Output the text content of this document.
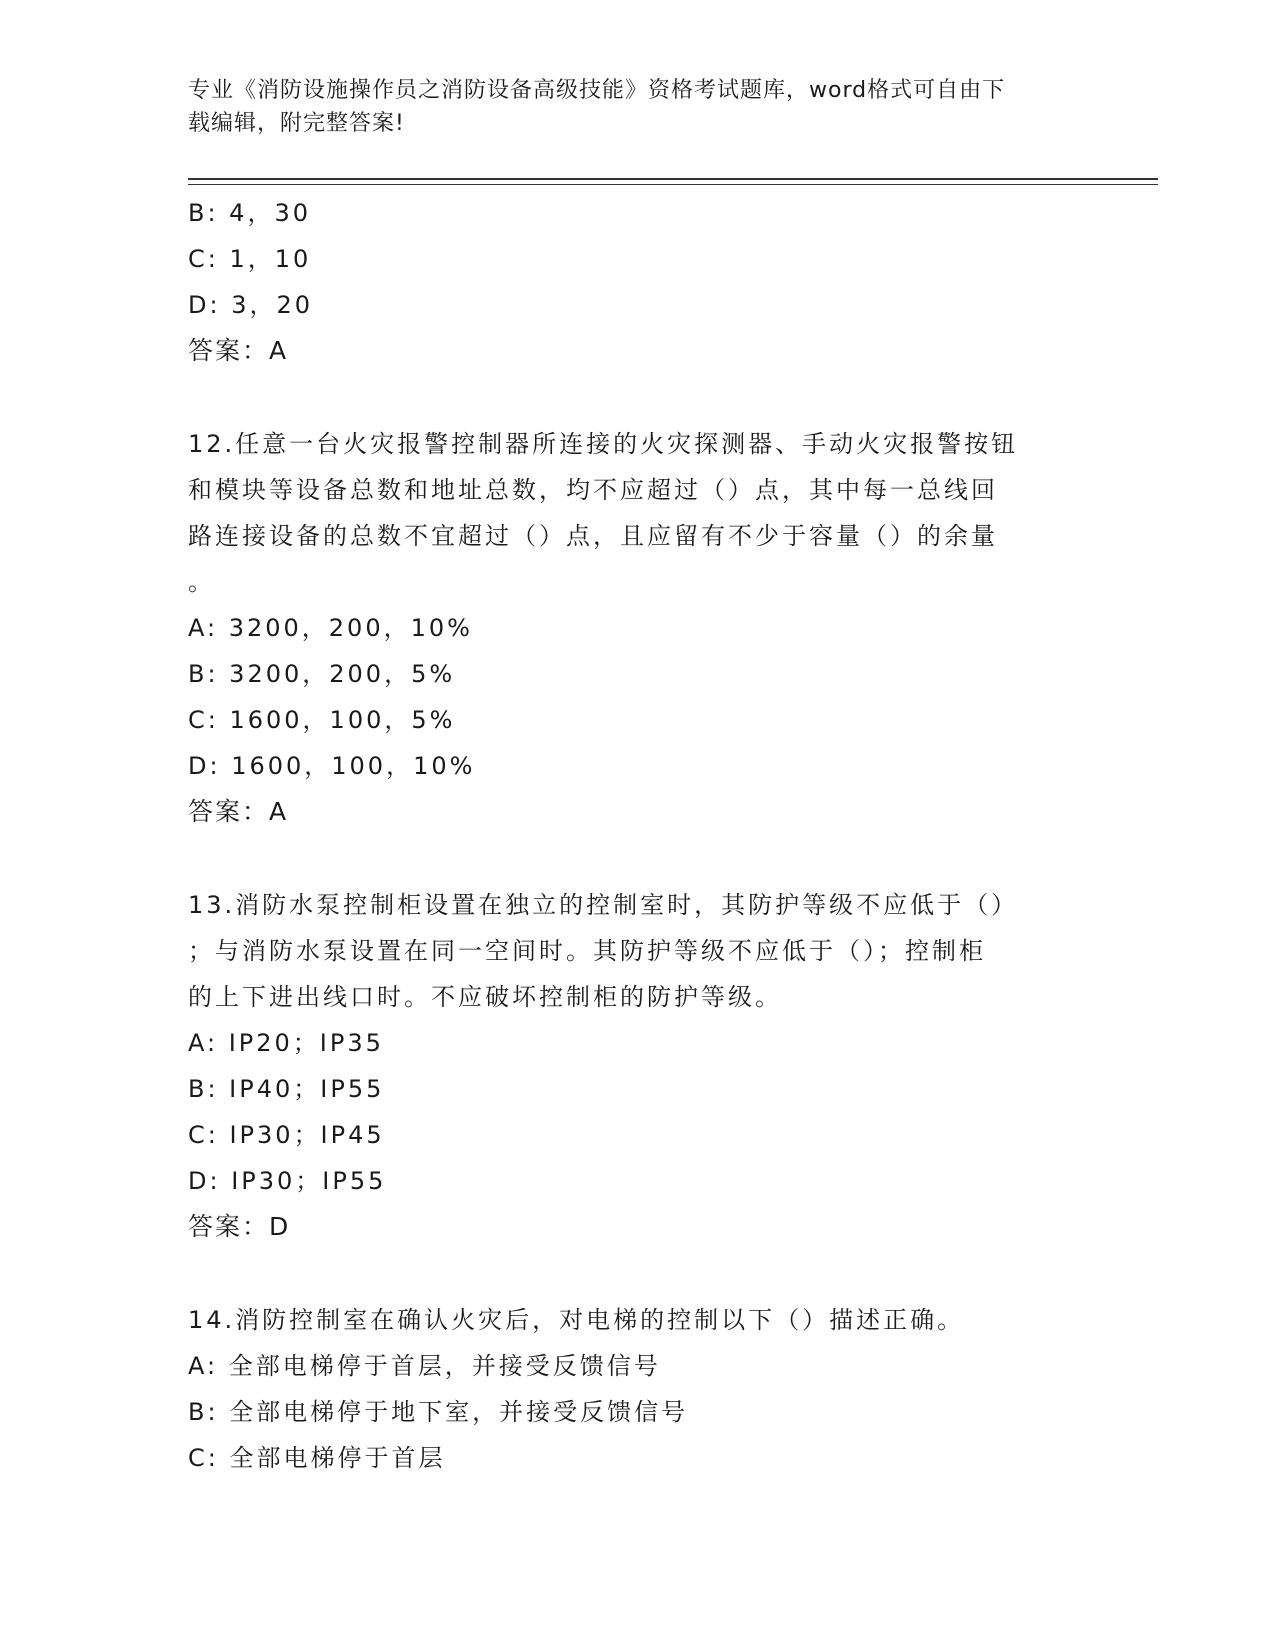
专业《消防设施操作员之消防设备高级技能》资格考试题库，word格式可自由下
载编辑，附完整答案!
B: 4，30
C: 1，10
D: 3，20
答案：A
12.任意一台火灾报警控制器所连接的火灾探测器、手动火灾报警按钮
和模块等设备总数和地址总数，均不应超过（）点，其中每一总线回
路连接设备的总数不宜超过（）点，且应留有不少于容量（）的余量
。
A: 3200，200，10%
B: 3200，200，5%
C: 1600，100，5%
D: 1600，100，10%
答案：A
13.消防水泵控制柜设置在独立的控制室时，其防护等级不应低于（）
；与消防水泵设置在同一空间时。其防护等级不应低于（）；控制柜
的上下进出线口时。不应破坏控制柜的防护等级。
A: IP20；IP35
B: IP40；IP55
C: IP30；IP45
D: IP30；IP55
答案：D
14.消防控制室在确认火灾后，对电梯的控制以下（）描述正确。
A: 全部电梯停于首层，并接受反馈信号
B: 全部电梯停于地下室，并接受反馈信号
C: 全部电梯停于首层
